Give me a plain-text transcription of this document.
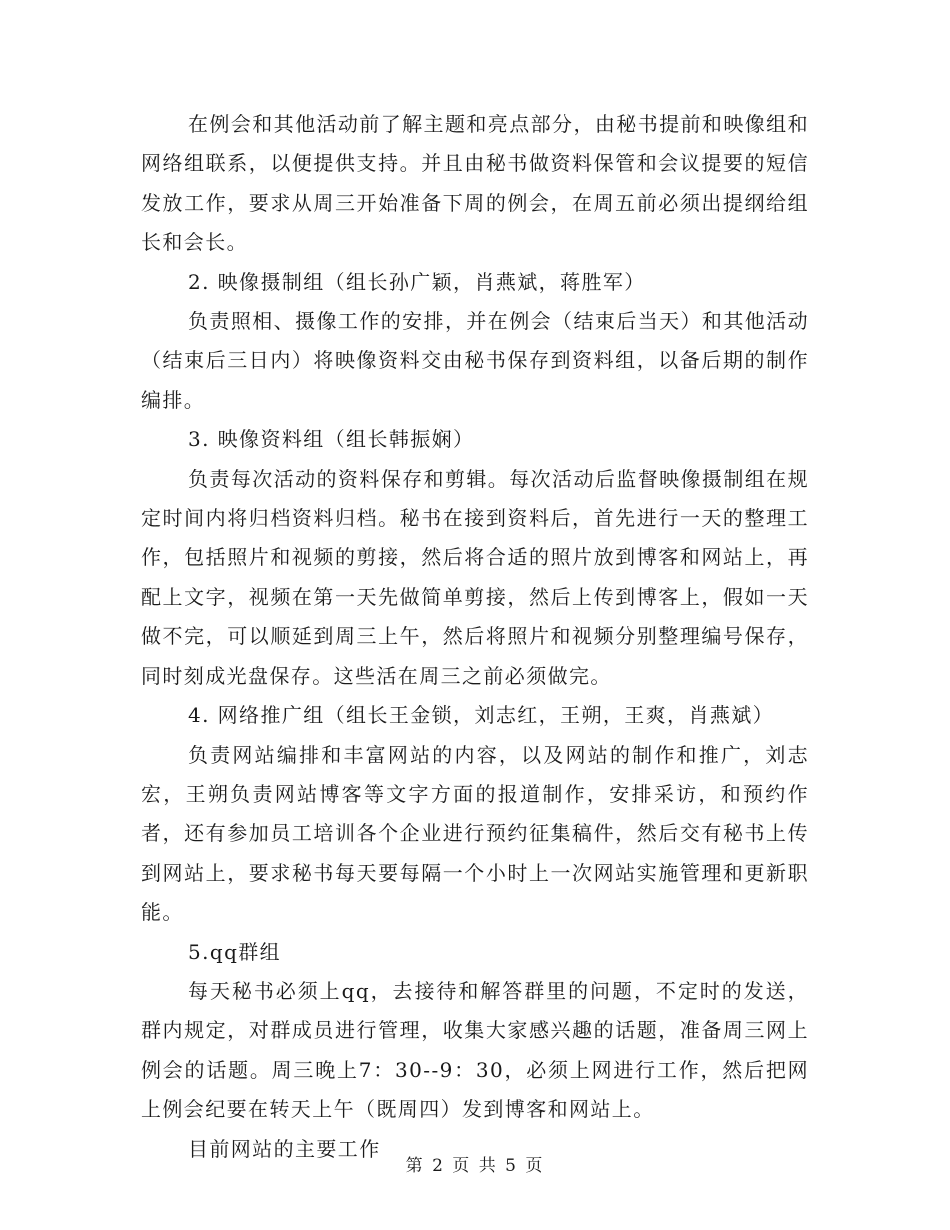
在例会和其他活动前了解主题和亮点部分，由秘书提前和映像组和网络组联系，以便提供支持。并且由秘书做资料保管和会议提要的短信发放工作，要求从周三开始准备下周的例会，在周五前必须出提纲给组长和会长。

2. 映像摄制组（组长孙广颖，肖燕斌，蒋胜军）

负责照相、摄像工作的安排，并在例会（结束后当天）和其他活动（结束后三日内）将映像资料交由秘书保存到资料组，以备后期的制作编排。

3. 映像资料组（组长韩振娴）

负责每次活动的资料保存和剪辑。每次活动后监督映像摄制组在规定时间内将归档资料归档。秘书在接到资料后，首先进行一天的整理工作，包括照片和视频的剪接，然后将合适的照片放到博客和网站上，再配上文字，视频在第一天先做简单剪接，然后上传到博客上，假如一天做不完，可以顺延到周三上午，然后将照片和视频分别整理编号保存，同时刻成光盘保存。这些活在周三之前必须做完。

4. 网络推广组（组长王金锁，刘志红，王朔，王爽，肖燕斌）

负责网站编排和丰富网站的内容，以及网站的制作和推广，刘志宏，王朔负责网站博客等文字方面的报道制作，安排采访，和预约作者，还有参加员工培训各个企业进行预约征集稿件，然后交有秘书上传到网站上，要求秘书每天要每隔一个小时上一次网站实施管理和更新职能。

5.qq群组

每天秘书必须上qq，去接待和解答群里的问题，不定时的发送，群内规定，对群成员进行管理，收集大家感兴趣的话题，准备周三网上例会的话题。周三晚上7：30--9：30，必须上网进行工作，然后把网上例会纪要在转天上午（既周四）发到博客和网站上。

目前网站的主要工作

第 2 页 共 5 页
